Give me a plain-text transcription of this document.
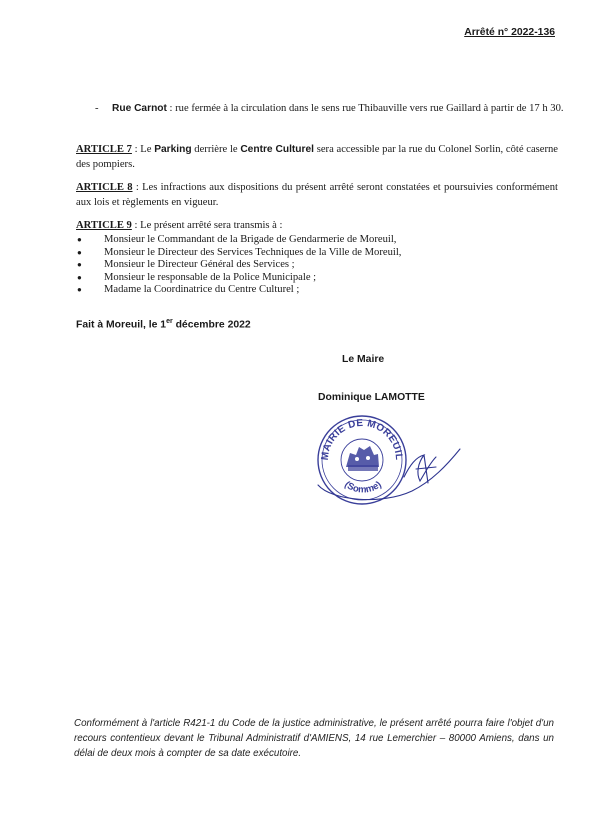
Arrêté n° 2022-136
- Rue Carnot : rue fermée à la circulation dans le sens rue Thibauville vers rue Gaillard à partir de 17 h 30.
ARTICLE 7 : Le Parking derrière le Centre Culturel sera accessible par la rue du Colonel Sorlin, côté caserne des pompiers.
ARTICLE 8 : Les infractions aux dispositions du présent arrêté seront constatées et poursuivies conformément aux lois et règlements en vigueur.
ARTICLE 9 : Le présent arrêté sera transmis à :
● Monsieur le Commandant de la Brigade de Gendarmerie de Moreuil,
● Monsieur le Directeur des Services Techniques de la Ville de Moreuil,
● Monsieur le Directeur Général des Services ;
● Monsieur le responsable de la Police Municipale ;
● Madame la Coordinatrice du Centre Culturel ;
Fait à Moreuil, le 1er décembre 2022
Le Maire
Dominique LAMOTTE
MAIRIE DE MOREUIL
(Somme)
Conformément à l'article R421-1 du Code de la justice administrative, le présent arrêté pourra faire l'objet d'un recours contentieux devant le Tribunal Administratif d'AMIENS, 14 rue Lemerchier – 80000 Amiens, dans un délai de deux mois à compter de sa date exécutoire.
